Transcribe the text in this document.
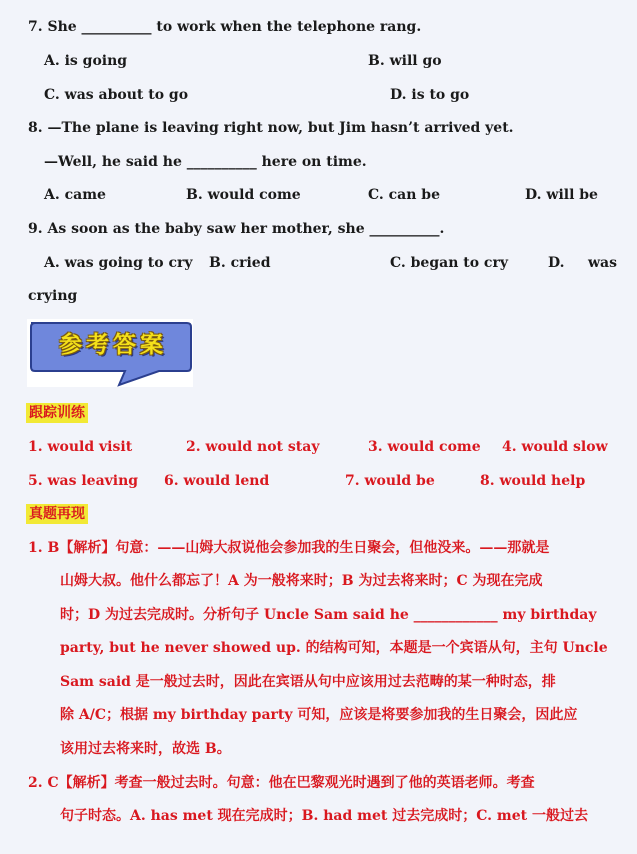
7. She __________ to work when the telephone rang.
A. is going	B. will go
C. was about to go	D. is to go
8. —The plane is leaving right now, but Jim hasn’t arrived yet.
—Well, he said he __________ here on time.
A. came	B. would come	C. can be	D. will be
9. As soon as the baby saw her mother, she __________.
A. was going to cry B. cried	C. began to cry	D. was
crying
参考答案
跟踪训练
1. would visit	2. would not stay	3. would come 4. would slow
5. was leaving 6. would lend	7. would be	8. would help
真题再现
1. B【解析】句意：——山姆大叔说他会参加我的生日聚会，但他没来。——那就是
山姆大叔。他什么都忘了！A 为一般将来时；B 为过去将来时；C 为现在完成
时；D 为过去完成时。分析句子 Uncle Sam said he ____________ my birthday
party, but he never showed up. 的结构可知，本题是一个宾语从句，主句 Uncle
Sam said 是一般过去时，因此在宾语从句中应该用过去范畴的某一种时态，排
除 A/C；根据 my birthday party 可知，应该是将要参加我的生日聚会，因此应
该用过去将来时，故选 B。
2. C【解析】考查一般过去时。句意：他在巴黎观光时遇到了他的英语老师。考查
句子时态。A. has met 现在完成时；B. had met 过去完成时；C. met 一般过去
